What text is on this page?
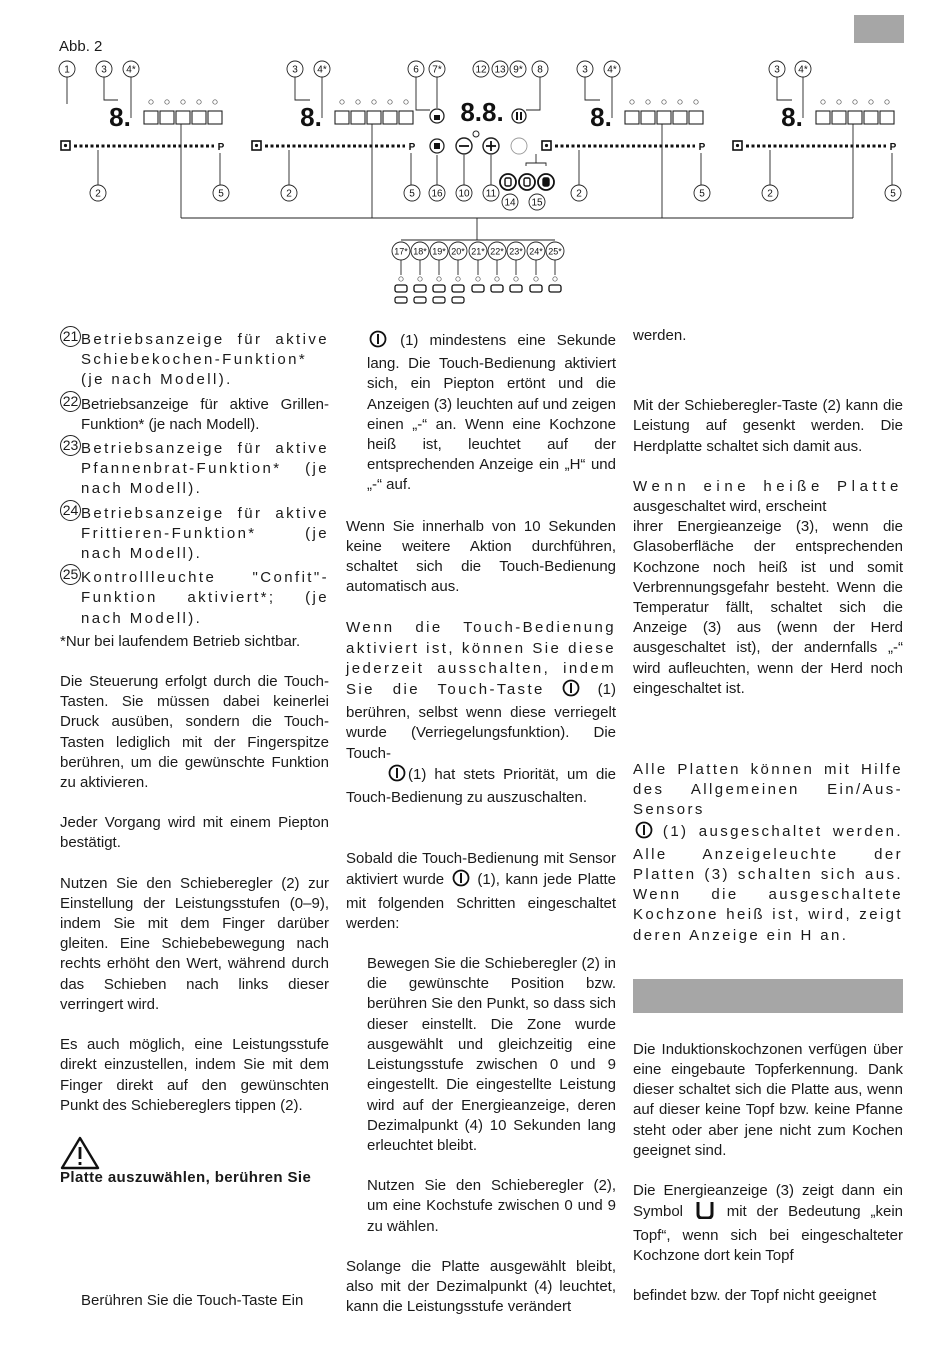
Abb. 2
1	3 4*	3 4*	6 7*	12 13 9* 8	3 4*	3 4*
8.
P
8.
P
8.
P
8.
P
8.8.
2	5	2	5 16 10 11
14 15
2	5	2	5
17* 18* 19* 20* 21* 22* 23* 24* 25*
21 Betriebsanzeige für aktive Schiebekochen-Funktion* (je nach Modell).
22 Betriebsanzeige für aktive Grillen-Funktion* (je nach Modell).
23 Betriebsanzeige für aktive Pfannenbrat-Funktion* (je nach Modell).
24 Betriebsanzeige für aktive Frittieren-Funktion* (je nach Modell).
25 Kontrollleuchte "Confit"-Funktion aktiviert*; (je nach Modell).

*Nur bei laufendem Betrieb sichtbar.

Die Steuerung erfolgt durch die Touch-Tasten. Sie müssen dabei keinerlei Druck ausüben, sondern die Touch-Tasten lediglich mit der Fingerspitze berühren, um die gewünschte Funktion zu aktivieren.

Jeder Vorgang wird mit einem Piepton bestätigt.

Nutzen Sie den Schieberegler (2) zur Einstellung der Leistungsstufen (0–9), indem Sie mit dem Finger darüber gleiten. Eine Schiebebewegung nach rechts erhöht den Wert, während durch das Schieben nach links dieser verringert wird.

Es auch möglich, eine Leistungsstufe direkt einzustellen, indem Sie mit dem Finger direkt auf den gewünschten Punkt des Schiebereglers tippen (2).

Platte auszuwählen, berühren Sie

Berühren Sie die Touch-Taste Ein

(1) mindestens eine Sekunde lang. Die Touch-Bedienung aktiviert sich, ein Piepton ertönt und die Anzeigen (3) leuchten auf und zeigen einen „-“ an. Wenn eine Kochzone heiß ist, leuchtet auf der entsprechenden Anzeige ein „H“ und „-“ auf.

Wenn Sie innerhalb von 10 Sekunden keine weitere Aktion durchführen, schaltet sich die Touch-Bedienung automatisch aus.

Wenn die Touch-Bedienung aktiviert ist, können Sie diese jederzeit ausschalten, indem Sie die Touch-Taste	(1) berühren, selbst wenn diese verriegelt wurde (Verriegelungsfunktion). Die Touch-
(1) hat stets Priorität, um die Touch-Bedienung zu auszuschalten.

Sobald die Touch-Bedienung mit Sensor aktiviert wurde (1), kann jede Platte mit folgenden Schritten eingeschaltet werden:

Bewegen Sie die Schieberegler (2) in die gewünschte Position bzw. berühren Sie den Punkt, so dass sich dieser einstellt. Die Zone wurde ausgewählt und gleichzeitig eine Leistungsstufe zwischen 0 und 9 eingestellt. Die eingestellte Leistung wird auf der Energieanzeige, deren Dezimalpunkt (4) 10 Sekunden lang erleuchtet bleibt.

Nutzen Sie den Schieberegler (2), um eine Kochstufe zwischen 0 und 9 zu wählen.

Solange die Platte ausgewählt bleibt, also mit der Dezimalpunkt (4) leuchtet, kann die Leistungsstufe verändert

werden.

Mit der Schieberegler-Taste (2) kann die Leistung auf gesenkt werden. Die Herdplatte schaltet sich damit aus.

Wenn eine heiße Platte
ausgeschaltet wird, erscheint
ihrer Energieanzeige (3), wenn die Glasoberfläche der entsprechenden Kochzone noch heiß ist und somit Verbrennungsgefahr besteht. Wenn die Temperatur fällt, schaltet sich die Anzeige (3) aus (wenn der Herd ausgeschaltet ist), der andernfalls „-“ wird aufleuchten, wenn der Herd noch eingeschaltet ist.

Alle Platten können mit Hilfe des Allgemeinen Ein/Aus-Sensors
(1) ausgeschaltet werden. Alle Anzeigeleuchte der Platten (3) schalten sich aus. Wenn die ausgeschaltete Kochzone heiß ist, wird, zeigt deren Anzeige ein H an.

Die Induktionskochzonen verfügen über eine eingebaute Topferkennung. Dank dieser schaltet sich die Platte aus, wenn auf dieser keine Topf bzw. keine Pfanne steht oder aber jene nicht zum Kochen geeignet sind.

Die Energieanzeige (3) zeigt dann ein Symbol	mit der Bedeutung „kein Topf“, wenn sich bei eingeschalteter Kochzone dort kein Topf

befindet bzw. der Topf nicht geeignet
